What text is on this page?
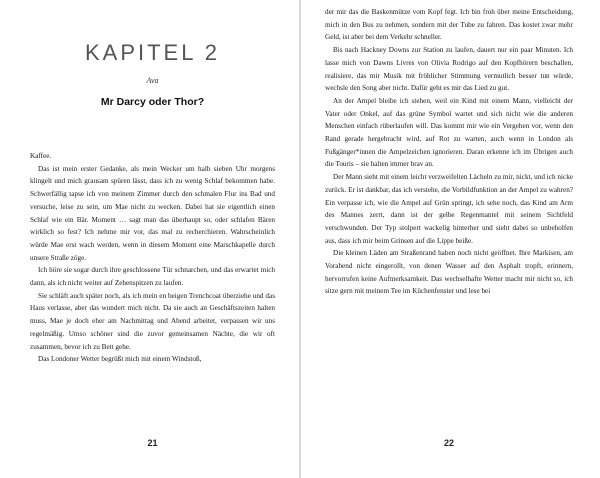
KAPITEL 2
Ava
Mr Darcy oder Thor?

Kaffee.

Das ist mein erster Gedanke, als mein Wecker um halb sieben Uhr morgens klingelt und mich grausam spüren lässt, dass ich zu wenig Schlaf bekommen habe. Schwerfällig tapse ich von meinem Zimmer durch den schmalen Flur ins Bad und versuche, leise zu sein, um Mae nicht zu wecken. Dabei hat sie eigentlich einen Schlaf wie ein Bär. Moment … sagt man das überhaupt so, oder schlafen Bären wirklich so fest? Ich nehme mir vor, das mal zu recherchieren. Wahrscheinlich würde Mae erst wach werden, wenn in diesem Moment eine Marschkapelle durch unsere Straße zöge.

Ich höre sie sogar durch ihre geschlossene Tür schnarchen, und das erwartet mich dann, als ich nicht weiter auf Zehenspitzen zu laufen.

Sie schläft auch später noch, als ich mein en beigen Trenchcoat überziehe und das Haus verlasse, aber das wundert mich nicht. Da sie auch an Geschäftszeiten halten muss, Mae je doch eher am Nachmittag und Abend arbeitet, verpassen wir uns regelmäßig. Umso schöner sind die zuvor gemeinsamen Nächte, die wir oft zusammen, bevor ich zu Bett gehe.

Das Londoner Wetter begrüßt mich mit einem Windstoß,

21

der mir das die Baskenmütze vom Kopf fegt. Ich bin froh über meine Entscheidung, mich in den Bus zu nehmen, sondern mit der Tube zu fahren. Das kostet zwar mehr Geld, ist aber bei dem Verkehr schneller.

Bis nach Hackney Downs zur Station zu laufen, dauert nur ein paar Minuten. Ich lasse mich von Dawns Livres von Olivia Rodrigo auf den Kopfhörern beschallen, realisiere, das mir Musik mit fröhlicher Stimmung vermutlich besser tun würde, wechsle den Song aber nicht. Dafür geht es mir das Lied zu gut.

An der Ampel bleibe ich stehen, weil ein Kind mit einem Mann, vielleicht der Vater oder Onkel, auf das grüne Symbol wartet und sich nicht wie die anderen Menschen einfach rüberlaufen will. Das kommt mir wie ein Vergehen vor, wenn den Rand gerade hergebracht wird, auf Rot zu warten, auch wenn in London als Fußgänger*innen die Ampelzeichen ignorieren. Daran erkenne ich im Übrigen auch die Touris – sie halten immer brav an.

Der Mann sieht mit einem leicht verzweifelten Lächeln zu mir, nickt, und ich nicke zurück. Er ist dankbar, das ich verstehe, die Vorbildfunktion an der Ampel zu wahren? Ein verpasse ich, wie die Ampel auf Grün springt, ich sehe noch, das Kind am Arm des Mannes zerrt, dann ist der gelbe Regenmantel mit seinem Sichtfeld verschwunden. Der Typ stolpert wackelig hinterher und sieht dabei so unbeholfen aus, dass ich mir beim Grinsen auf die Lippe beiße.

Die kleinen Läden am Straßenrand haben noch nicht geöffnet. Ihre Markisen, am Vorabend nicht eingerollt, von denen Wasser auf den Asphalt tropft, erinnern, hervorrufen keine Aufmerksamkeit. Das wechselhafte Wetter macht mir nicht so, ich sitze gern mit meinem Tee im Küchenfenster und lese bei

22
